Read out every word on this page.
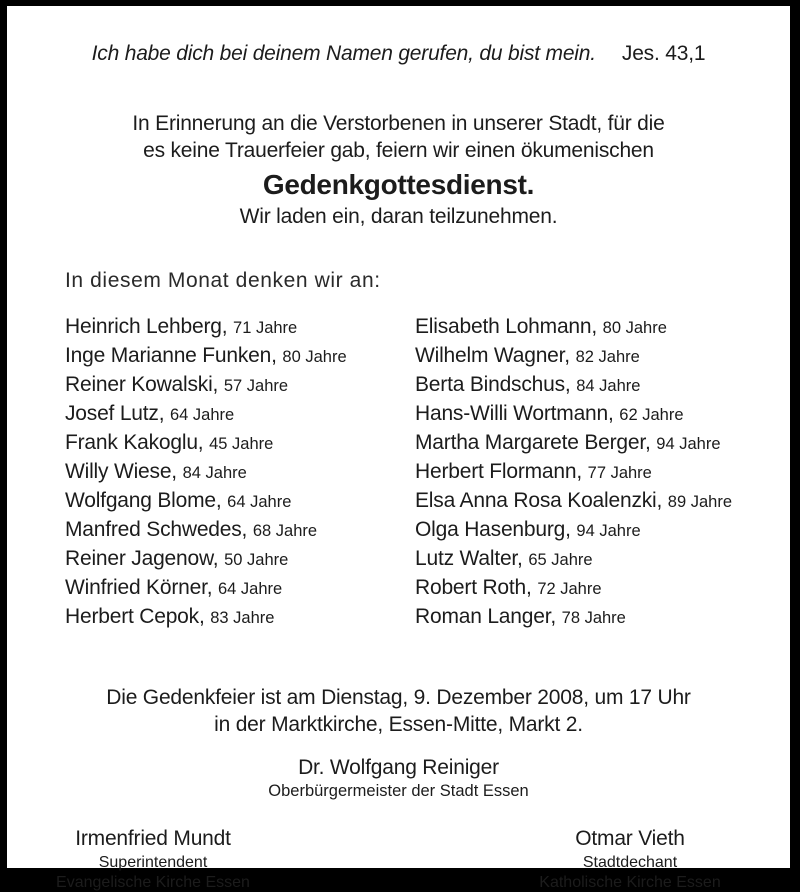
Ich habe dich bei deinem Namen gerufen, du bist mein. Jes. 43,1

In Erinnerung an die Verstorbenen in unserer Stadt, für die
es keine Trauerfeier gab, feiern wir einen ökumenischen

Gedenkgottesdienst.

Wir laden ein, daran teilzunehmen.

In diesem Monat denken wir an:

Heinrich Lehberg, 71 Jahre
Inge Marianne Funken, 80 Jahre
Reiner Kowalski, 57 Jahre
Josef Lutz, 64 Jahre
Frank Kakoglu, 45 Jahre
Willy Wiese, 84 Jahre
Wolfgang Blome, 64 Jahre
Manfred Schwedes, 68 Jahre
Reiner Jagenow, 50 Jahre
Winfried Körner, 64 Jahre
Herbert Cepok, 83 Jahre
Elisabeth Lohmann, 80 Jahre
Wilhelm Wagner, 82 Jahre
Berta Bindschus, 84 Jahre
Hans-Willi Wortmann, 62 Jahre
Martha Margarete Berger, 94 Jahre
Herbert Flormann, 77 Jahre
Elsa Anna Rosa Koalenzki, 89 Jahre
Olga Hasenburg, 94 Jahre
Lutz Walter, 65 Jahre
Robert Roth, 72 Jahre
Roman Langer, 78 Jahre

Die Gedenkfeier ist am Dienstag, 9. Dezember 2008, um 17 Uhr
in der Marktkirche, Essen-Mitte, Markt 2.

Dr. Wolfgang Reiniger
Oberbürgermeister der Stadt Essen
Irmenfried Mundt
Superintendent
Evangelische Kirche Essen
Otmar Vieth
Stadtdechant
Katholische Kirche Essen
